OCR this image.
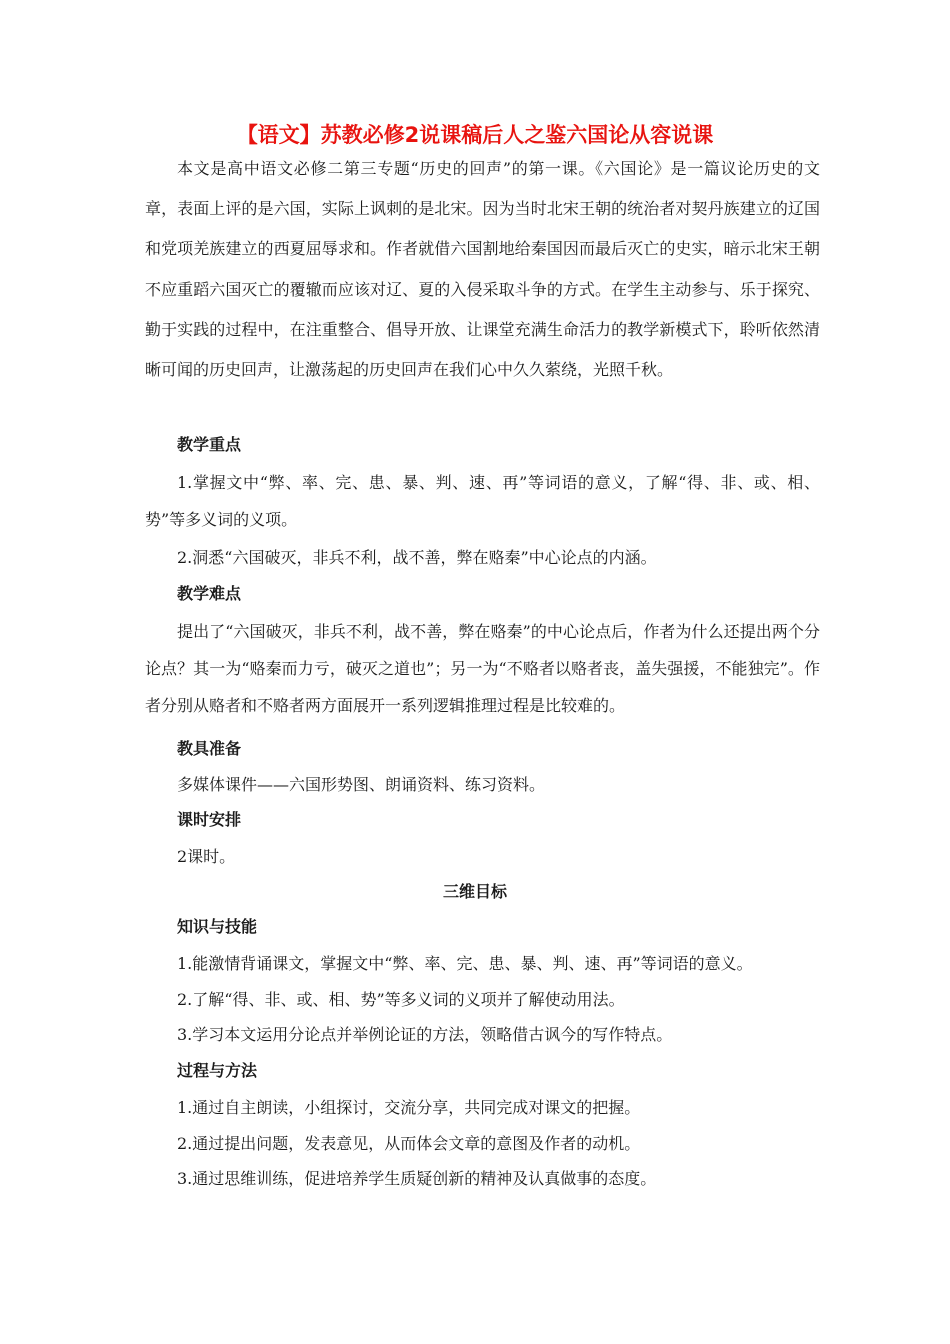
【语文】苏教必修2说课稿后人之鉴六国论从容说课

本文是高中语文必修二第三专题“历史的回声”的第一课。《六国论》是一篇议论历史的文章，表面上评的是六国，实际上讽刺的是北宋。因为当时北宋王朝的统治者对契丹族建立的辽国和党项羌族建立的西夏屈辱求和。作者就借六国割地给秦国因而最后灭亡的史实，暗示北宋王朝不应重蹈六国灭亡的覆辙而应该对辽、夏的入侵采取斗争的方式。在学生主动参与、乐于探究、勤于实践的过程中，在注重整合、倡导开放、让课堂充满生命活力的教学新模式下，聆听依然清晰可闻的历史回声，让激荡起的历史回声在我们心中久久萦绕，光照千秋。

教学重点

1.掌握文中“弊、率、完、患、暴、判、速、再”等词语的意义，了解“得、非、或、相、势”等多义词的义项。

2.洞悉“六国破灭，非兵不利，战不善，弊在赂秦”中心论点的内涵。
教学难点

提出了“六国破灭，非兵不利，战不善，弊在赂秦”的中心论点后，作者为什么还提出两个分论点？其一为“赂秦而力亏，破灭之道也”；另一为“不赂者以赂者丧，盖失强援，不能独完”。作者分别从赂者和不赂者两方面展开一系列逻辑推理过程是比较难的。

教具准备
多媒体课件——六国形势图、朗诵资料、练习资料。
课时安排
2课时。
三维目标
知识与技能
1.能激情背诵课文，掌握文中“弊、率、完、患、暴、判、速、再”等词语的意义。
2.了解“得、非、或、相、势”等多义词的义项并了解使动用法。
3.学习本文运用分论点并举例论证的方法，领略借古讽今的写作特点。
过程与方法
1.通过自主朗读，小组探讨，交流分享，共同完成对课文的把握。
2.通过提出问题，发表意见，从而体会文章的意图及作者的动机。
3.通过思维训练，促进培养学生质疑创新的精神及认真做事的态度。
